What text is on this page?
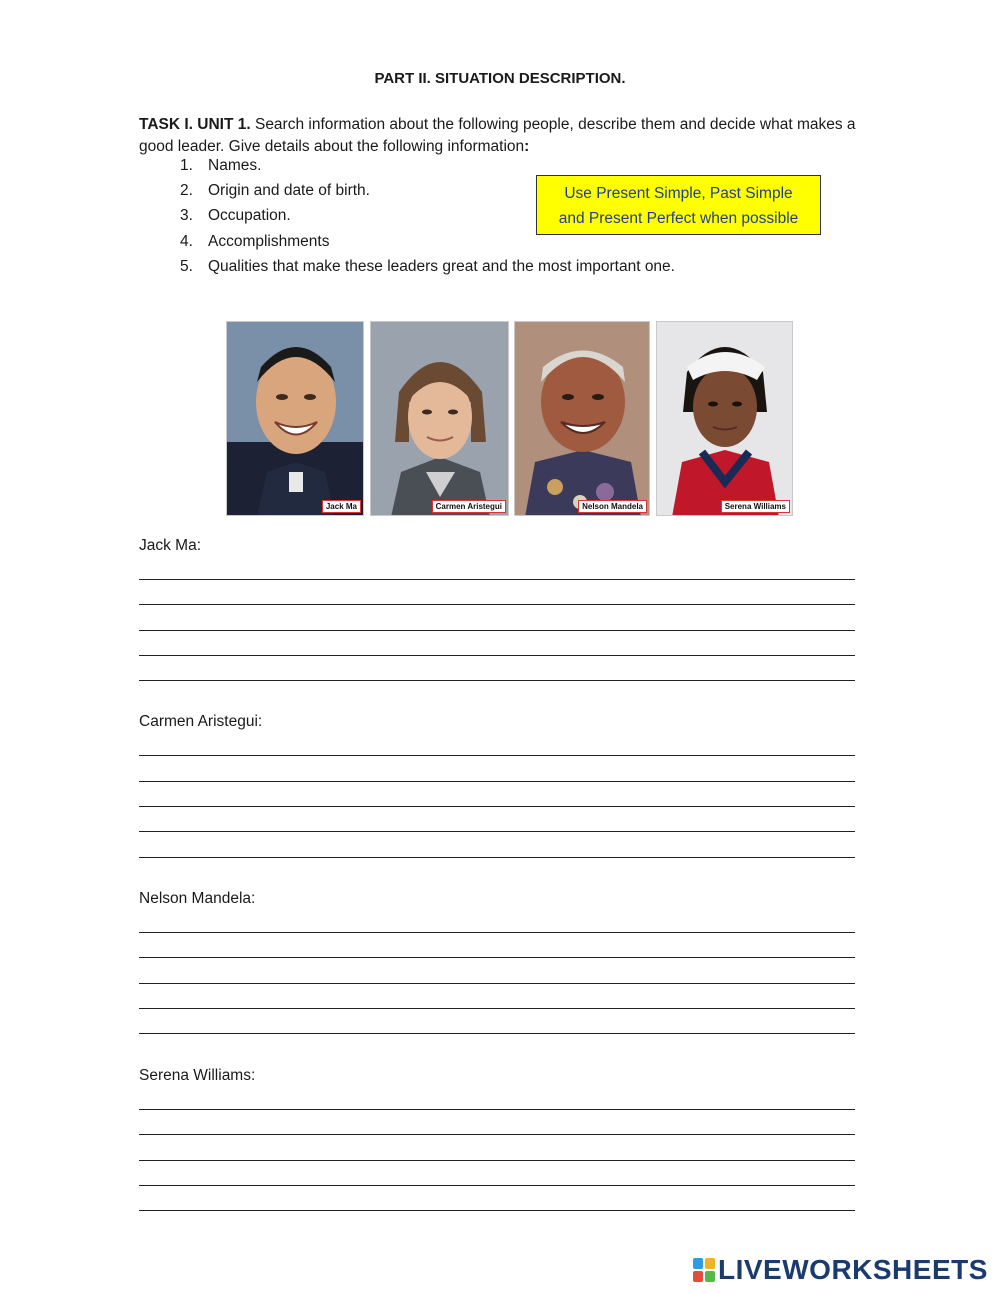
PART II. SITUATION DESCRIPTION.
TASK I. UNIT 1. Search information about the following people, describe them and decide what makes a good leader. Give details about the following information:
1. Names.
2. Origin and date of birth.
3. Occupation.
4. Accomplishments
5. Qualities that make these leaders great and the most important one.
Use Present Simple, Past Simple
and Present Perfect when possible
Jack Ma	Carmen Aristegui	Nelson Mandela	Serena Williams
Jack Ma:
Carmen Aristegui:
Nelson Mandela:
Serena Williams:
LIVEWORKSHEETS
